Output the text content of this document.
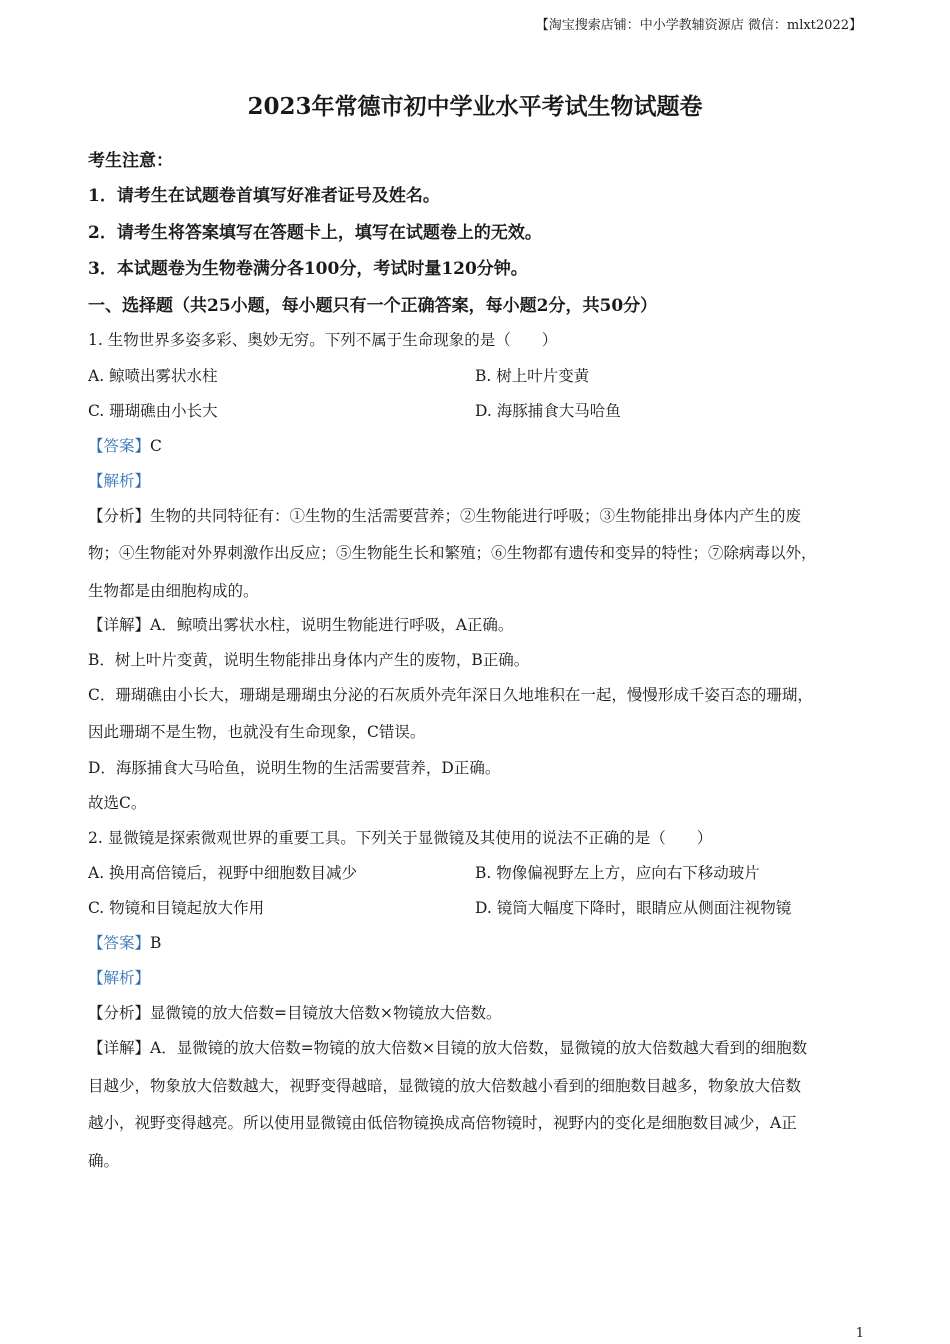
【淘宝搜索店铺：中小学教辅资源店 微信：mlxt2022】
2023年常德市初中学业水平考试生物试题卷
考生注意：
1．请考生在试题卷首填写好准者证号及姓名。
2．请考生将答案填写在答题卡上，填写在试题卷上的无效。
3．本试题卷为生物卷满分各100分，考试时量120分钟。
一、选择题（共25小题，每小题只有一个正确答案，每小题2分，共50分）
1. 生物世界多姿多彩、奥妙无穷。下列不属于生命现象的是（　　）
A. 鲸喷出雾状水柱	B. 树上叶片变黄
C. 珊瑚礁由小长大	D. 海豚捕食大马哈鱼
【答案】C
【解析】
【分析】生物的共同特征有：①生物的生活需要营养；②生物能进行呼吸；③生物能排出身体内产生的废
物；④生物能对外界刺激作出反应；⑤生物能生长和繁殖；⑥生物都有遗传和变异的特性；⑦除病毒以外，
生物都是由细胞构成的。
【详解】A．鲸喷出雾状水柱，说明生物能进行呼吸，A正确。
B．树上叶片变黄，说明生物能排出身体内产生的废物，B正确。
C．珊瑚礁由小长大，珊瑚是珊瑚虫分泌的石灰质外壳年深日久地堆积在一起，慢慢形成千姿百态的珊瑚，
因此珊瑚不是生物，也就没有生命现象，C错误。
D．海豚捕食大马哈鱼，说明生物的生活需要营养，D正确。
故选C。
2. 显微镜是探索微观世界的重要工具。下列关于显微镜及其使用的说法不正确的是（　　）
A. 换用高倍镜后，视野中细胞数目减少	B. 物像偏视野左上方，应向右下移动玻片
C. 物镜和目镜起放大作用	D. 镜筒大幅度下降时，眼睛应从侧面注视物镜
【答案】B
【解析】
【分析】显微镜的放大倍数=目镜放大倍数×物镜放大倍数。
【详解】A．显微镜的放大倍数=物镜的放大倍数×目镜的放大倍数，显微镜的放大倍数越大看到的细胞数
目越少，物象放大倍数越大，视野变得越暗，显微镜的放大倍数越小看到的细胞数目越多，物象放大倍数
越小，视野变得越亮。所以使用显微镜由低倍物镜换成高倍物镜时，视野内的变化是细胞数目减少，A正
确。
1
